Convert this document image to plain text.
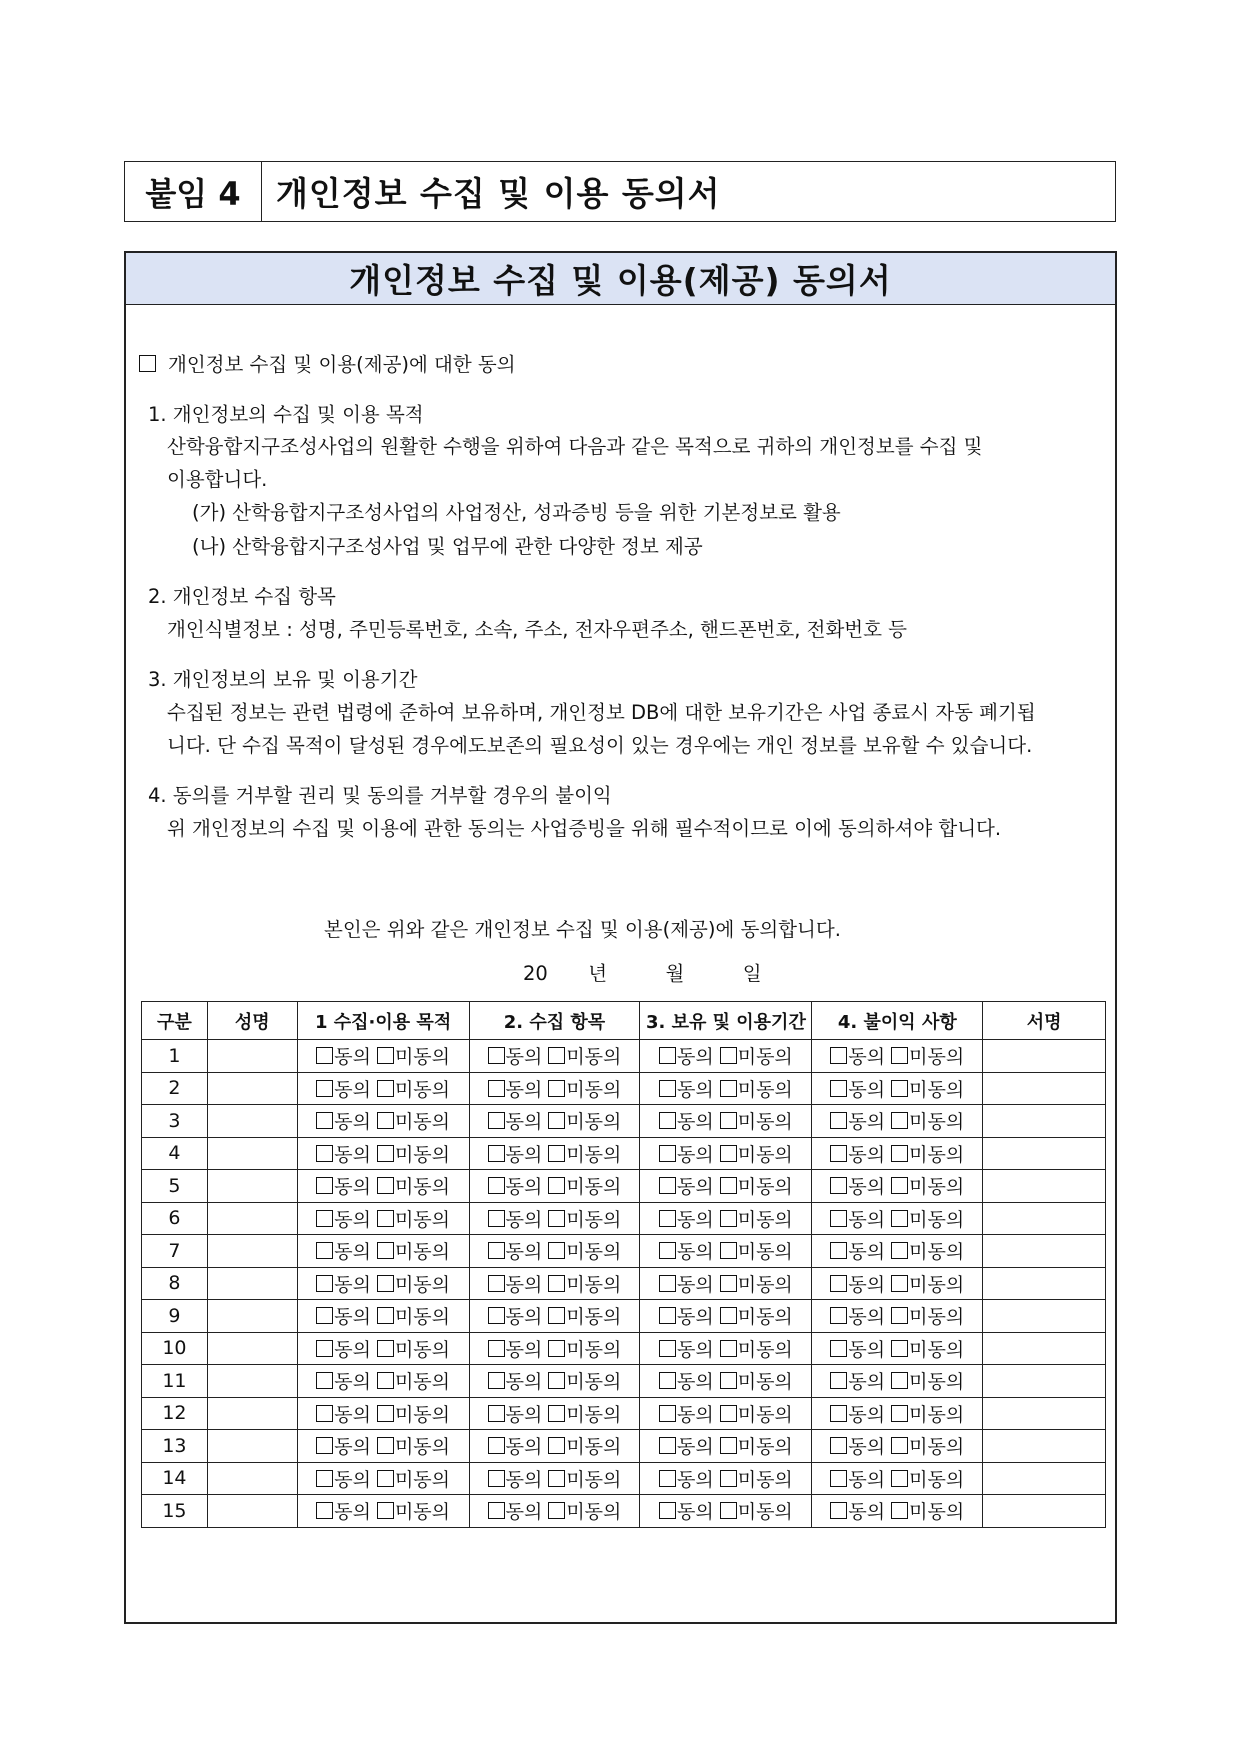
붙임 4	개인정보 수집 및 이용 동의서
개인정보 수집 및 이용(제공) 동의서
개인정보 수집 및 이용(제공)에 대한 동의
1. 개인정보의 수집 및 이용 목적
산학융합지구조성사업의 원활한 수행을 위하여 다음과 같은 목적으로 귀하의 개인정보를 수집 및
이용합니다.
(가) 산학융합지구조성사업의 사업정산, 성과증빙 등을 위한 기본정보로 활용
(나) 산학융합지구조성사업 및 업무에 관한 다양한 정보 제공
2. 개인정보 수집 항목
개인식별정보 : 성명, 주민등록번호, 소속, 주소, 전자우편주소, 핸드폰번호, 전화번호 등
3. 개인정보의 보유 및 이용기간
수집된 정보는 관련 법령에 준하여 보유하며, 개인정보 DB에 대한 보유기간은 사업 종료시 자동 폐기됩
니다. 단 수집 목적이 달성된 경우에도보존의 필요성이 있는 경우에는 개인 정보를 보유할 수 있습니다.
4. 동의를 거부할 권리 및 동의를 거부할 경우의 불이익
위 개인정보의 수집 및 이용에 관한 동의는 사업증빙을 위해 필수적이므로 이에 동의하셔야 합니다.
본인은 위와 같은 개인정보 수집 및 이용(제공)에 동의합니다.
20 년	월	일
구분	성명	1 수집·이용 목적	2. 수집 항목	3. 보유 및 이용기간	4. 불이익 사항	서명
1		동의 미동의	동의 미동의	동의 미동의	동의 미동의	
2		동의 미동의	동의 미동의	동의 미동의	동의 미동의	
3		동의 미동의	동의 미동의	동의 미동의	동의 미동의	
4		동의 미동의	동의 미동의	동의 미동의	동의 미동의	
5		동의 미동의	동의 미동의	동의 미동의	동의 미동의	
6		동의 미동의	동의 미동의	동의 미동의	동의 미동의	
7		동의 미동의	동의 미동의	동의 미동의	동의 미동의	
8		동의 미동의	동의 미동의	동의 미동의	동의 미동의	
9		동의 미동의	동의 미동의	동의 미동의	동의 미동의	
10		동의 미동의	동의 미동의	동의 미동의	동의 미동의	
11		동의 미동의	동의 미동의	동의 미동의	동의 미동의	
12		동의 미동의	동의 미동의	동의 미동의	동의 미동의	
13		동의 미동의	동의 미동의	동의 미동의	동의 미동의	
14		동의 미동의	동의 미동의	동의 미동의	동의 미동의	
15		동의 미동의	동의 미동의	동의 미동의	동의 미동의	
